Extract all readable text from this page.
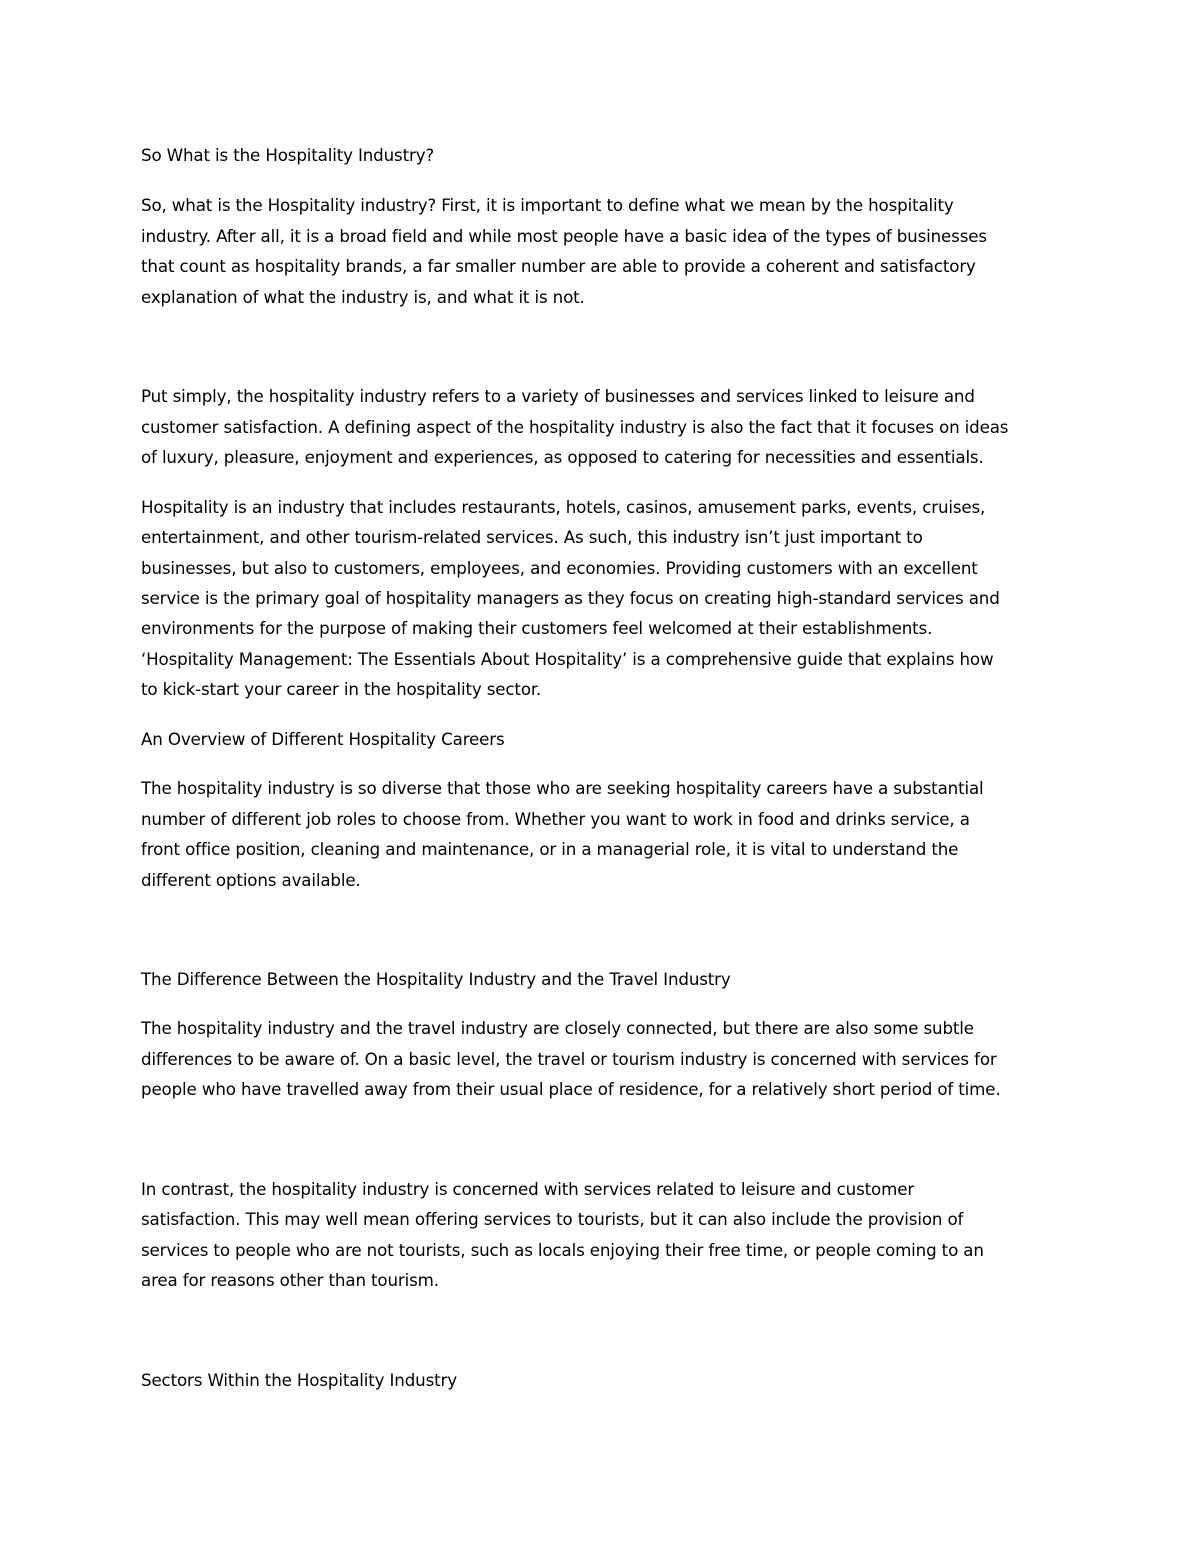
So What is the Hospitality Industry?

So, what is the Hospitality industry? First, it is important to define what we mean by the hospitality

industry. After all, it is a broad field and while most people have a basic idea of the types of businesses

that count as hospitality brands, a far smaller number are able to provide a coherent and satisfactory

explanation of what the industry is, and what it is not.

Put simply, the hospitality industry refers to a variety of businesses and services linked to leisure and

customer satisfaction. A defining aspect of the hospitality industry is also the fact that it focuses on ideas

of luxury, pleasure, enjoyment and experiences, as opposed to catering for necessities and essentials.

Hospitality is an industry that includes restaurants, hotels, casinos, amusement parks, events, cruises,

entertainment, and other tourism-related services. As such, this industry isn’t just important to

businesses, but also to customers, employees, and economies. Providing customers with an excellent

service is the primary goal of hospitality managers as they focus on creating high-standard services and

environments for the purpose of making their customers feel welcomed at their establishments.

‘Hospitality Management: The Essentials About Hospitality’ is a comprehensive guide that explains how

to kick-start your career in the hospitality sector.

An Overview of Different Hospitality Careers

The hospitality industry is so diverse that those who are seeking hospitality careers have a substantial

number of different job roles to choose from. Whether you want to work in food and drinks service, a

front office position, cleaning and maintenance, or in a managerial role, it is vital to understand the

different options available.

The Difference Between the Hospitality Industry and the Travel Industry

The hospitality industry and the travel industry are closely connected, but there are also some subtle

differences to be aware of. On a basic level, the travel or tourism industry is concerned with services for

people who have travelled away from their usual place of residence, for a relatively short period of time.

In contrast, the hospitality industry is concerned with services related to leisure and customer

satisfaction. This may well mean offering services to tourists, but it can also include the provision of

services to people who are not tourists, such as locals enjoying their free time, or people coming to an

area for reasons other than tourism.

Sectors Within the Hospitality Industry
